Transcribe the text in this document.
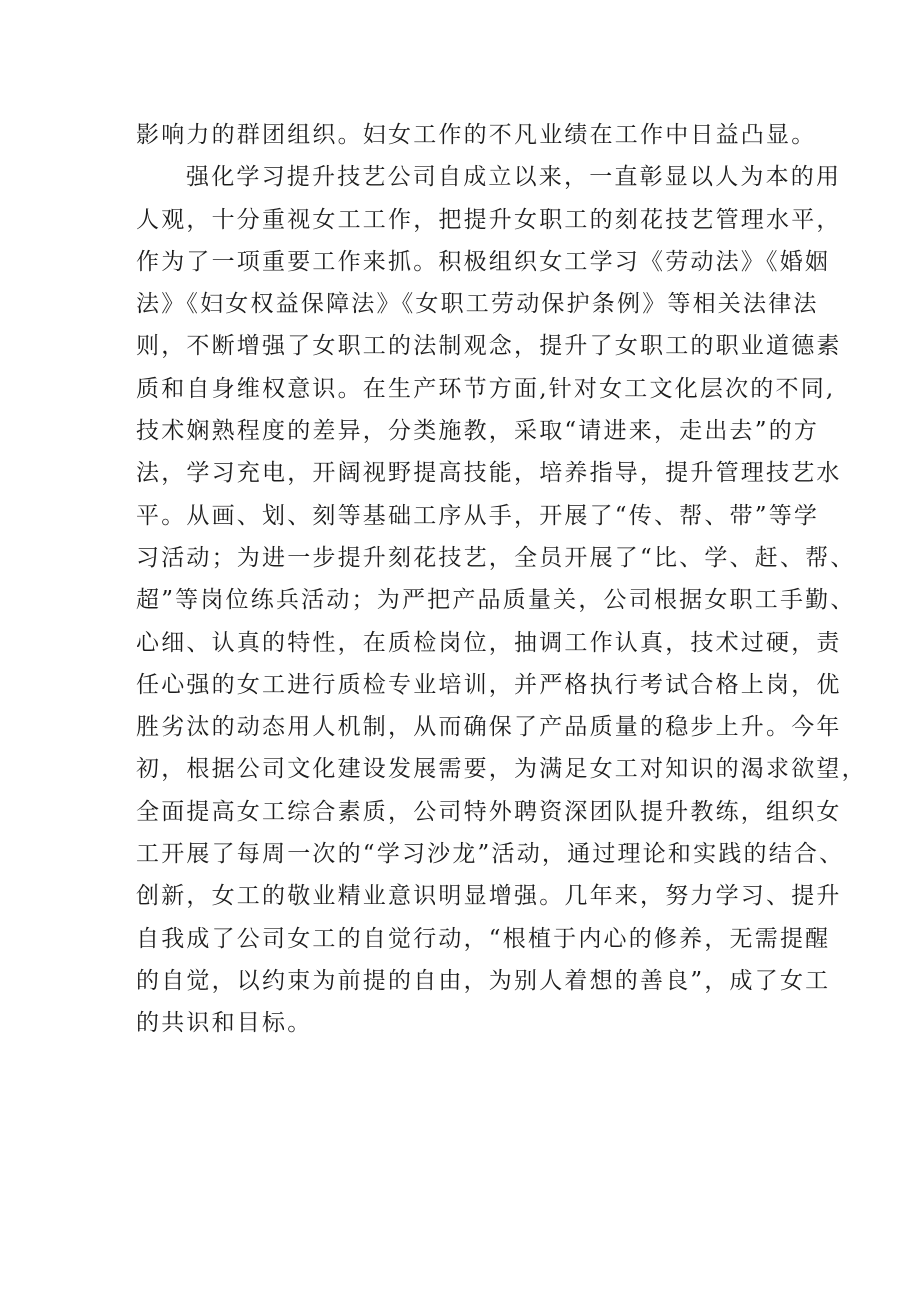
影响力的群团组织。妇女工作的不凡业绩在工作中日益凸显。
强化学习提升技艺公司自成立以来，一直彰显以人为本的用
人观，十分重视女工工作，把提升女职工的刻花技艺管理水平，
作为了一项重要工作来抓。积极组织女工学习《劳动法》《婚姻
法》《妇女权益保障法》《女职工劳动保护条例》等相关法律法
则，不断增强了女职工的法制观念，提升了女职工的职业道德素
质和自身维权意识。在生产环节方面,针对女工文化层次的不同,
技术娴熟程度的差异，分类施教，采取“请进来，走出去”的方
法，学习充电，开阔视野提高技能，培养指导，提升管理技艺水
平。从画、划、刻等基础工序从手，开展了“传、帮、带”等学
习活动；为进一步提升刻花技艺，全员开展了“比、学、赶、帮、
超”等岗位练兵活动；为严把产品质量关，公司根据女职工手勤、
心细、认真的特性，在质检岗位，抽调工作认真，技术过硬，责
任心强的女工进行质检专业培训，并严格执行考试合格上岗，优
胜劣汰的动态用人机制，从而确保了产品质量的稳步上升。今年
初，根据公司文化建设发展需要，为满足女工对知识的渴求欲望，
全面提高女工综合素质，公司特外聘资深团队提升教练，组织女
工开展了每周一次的“学习沙龙”活动，通过理论和实践的结合、
创新，女工的敬业精业意识明显增强。几年来，努力学习、提升
自我成了公司女工的自觉行动，“根植于内心的修养，无需提醒
的自觉，以约束为前提的自由，为别人着想的善良”，成了女工
的共识和目标。
